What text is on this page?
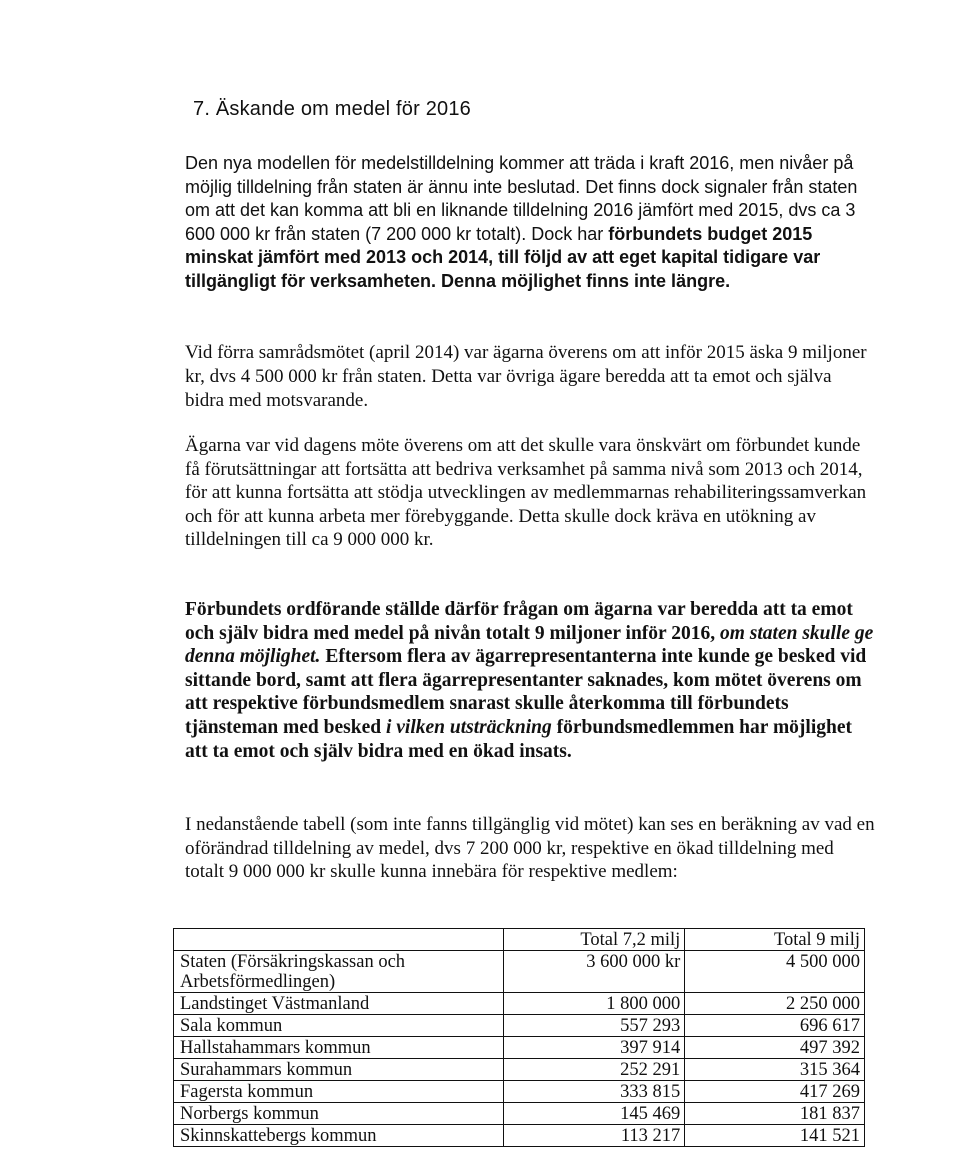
7. Äskande om medel för 2016

Den nya modellen för medelstilldelning kommer att träda i kraft 2016, men nivåer på möjlig tilldelning från staten är ännu inte beslutad. Det finns dock signaler från staten om att det kan komma att bli en liknande tilldelning 2016 jämfört med 2015, dvs ca 3 600 000 kr från staten (7 200 000 kr totalt). Dock har förbundets budget 2015 minskat jämfört med 2013 och 2014, till följd av att eget kapital tidigare var tillgängligt för verksamheten. Denna möjlighet finns inte längre.

Vid förra samrådsmötet (april 2014) var ägarna överens om att inför 2015 äska 9 miljoner kr, dvs 4 500 000 kr från staten. Detta var övriga ägare beredda att ta emot och själva bidra med motsvarande.

Ägarna var vid dagens möte överens om att det skulle vara önskvärt om förbundet kunde få förutsättningar att fortsätta att bedriva verksamhet på samma nivå som 2013 och 2014, för att kunna fortsätta att stödja utvecklingen av medlemmarnas rehabiliteringssamverkan och för att kunna arbeta mer förebyggande. Detta skulle dock kräva en utökning av tilldelningen till ca 9 000 000 kr.

Förbundets ordförande ställde därför frågan om ägarna var beredda att ta emot och själv bidra med medel på nivån totalt 9 miljoner inför 2016, om staten skulle ge denna möjlighet. Eftersom flera av ägarrepresentanterna inte kunde ge besked vid sittande bord, samt att flera ägarrepresentanter saknades, kom mötet överens om att respektive förbundsmedlem snarast skulle återkomma till förbundets tjänsteman med besked i vilken utsträckning förbundsmedlemmen har möjlighet att ta emot och själv bidra med en ökad insats.

I nedanstående tabell (som inte fanns tillgänglig vid mötet) kan ses en beräkning av vad en oförändrad tilldelning av medel, dvs 7 200 000 kr, respektive en ökad tilldelning med totalt 9 000 000 kr skulle kunna innebära för respektive medlem:

	Total 7,2 milj	Total 9 milj
Staten (Försäkringskassan och Arbetsförmedlingen)	3 600 000 kr	4 500 000
Landstinget Västmanland	1 800 000	2 250 000
Sala kommun	557 293	696 617
Hallstahammars kommun	397 914	497 392
Surahammars kommun	252 291	315 364
Fagersta kommun	333 815	417 269
Norbergs kommun	145 469	181 837
Skinnskattebergs kommun	113 217	141 521
